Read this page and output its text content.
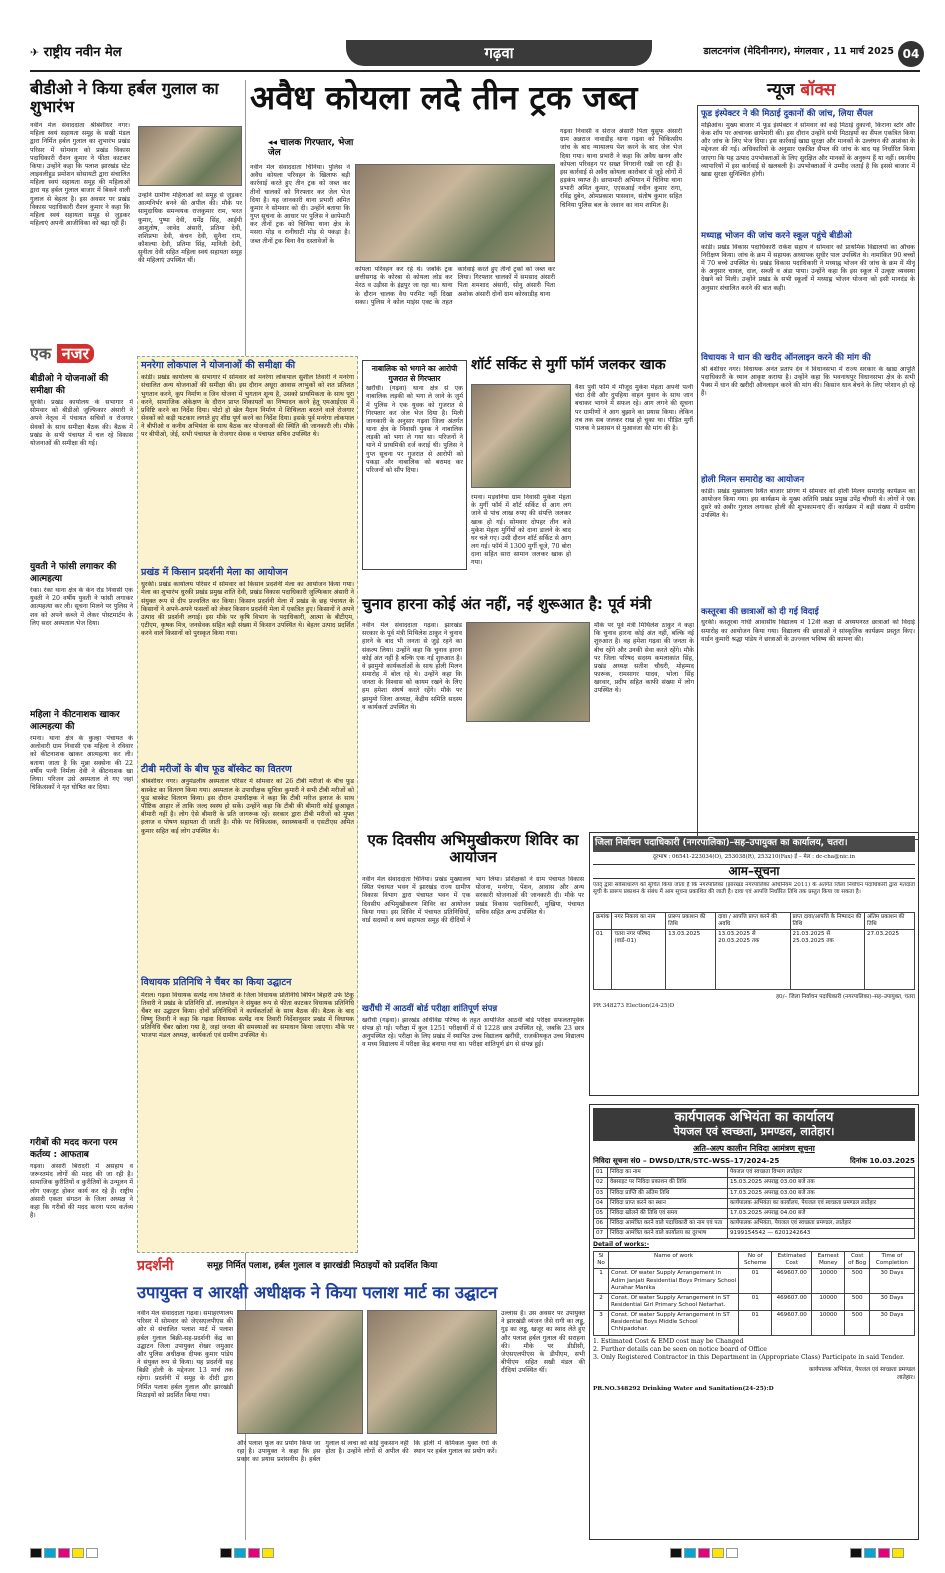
✈ राष्ट्रीय नवीन मेल	गढ़वा	डालटनगंज (मेदिनीनगर), मंगलवार , 11 मार्च 2025 04
बीडीओ ने किया हर्बल गुलाल का शुभारंभ
नवीन मेल संवाददाता श्रीबंशीधर नगर। महिला स्वयं सहायता समूह के सखी मंडल द्वारा निर्मित हर्बल गुलाल का शुभारंभ प्रखंड परिसर में सोमवार को प्रखंड विकास पदाधिकारी रौशन कुमार ने फीता काटकर किया। उन्होंने कहा कि पलाश झारखंड स्टेट लाइवलीहुड प्रमोशन सोसायटी द्वारा संचालित महिला स्वयं सहायता समूह की महिलाओं द्वारा यह हर्बल गुलाल बाजार में बिकने वाली गुलाल से बेहतर है। इस अवसर पर प्रखंड विकास पदाधिकारी रौशन कुमार ने कहा कि महिला स्वयं सहायता समूह से जुड़कर महिलाएं अपनी आजीविका को बढ़ा रही हैं।
उन्होंने ग्रामीण महिलाओं को समूह से जुड़कर आत्मनिर्भर बनने की अपील की। मौके पर सामुदायिक समन्वयक राजकुमार राम, भरत कुमार, पुष्पा देवी, धर्मेंद्र सिंह, आईपी आशुतोष, जावेद अंसारी, प्रतिमा देवी, शशिप्रभा देवी, कंचन देवी, सुनैना राम, कौशल्या देवी, प्रतिमा सिंह, मानिती देवी, सुनीता देवी सहित महिला स्वयं सहायता समूह की महिलाएं उपस्थित थीं।
अवैध कोयला लदे तीन ट्रक जब्त
◂◂ चालक गिरफ्तार, भेजा जेल
नवीन मेल संवाददाता चिनिया। पुलिस ने अवैध कोयला परिवहन के खिलाफ बड़ी कार्रवाई करते हुए तीन ट्रक को जब्त कर तीनों चालकों को गिरफ्तार कर जेल भेज दिया है। यह जानकारी थाना प्रभारी अमित कुमार ने सोमवार को दी। उन्होंने बताया कि गुप्त सूचना के आधार पर पुलिस ने छापेमारी कर तीनों ट्रक को चिनिया थाना क्षेत्र के मसरा मोड़ व रानीघाटी मोड़ से पकड़ा है। जब्त तीनों ट्रक बिना वैध दस्तावेजों के
कोयला परिवहन कर रहे थे। जबकि ट्रक छत्तीसगढ़ के कोरबा से कोयला लोड कर मेरठ व उड़ीसा के इंद्रपुर जा रहा था। थाना के दौरान चालक वैध परमिट नहीं दिखा सका। पुलिस ने कोल माइंस एक्ट के तहत कार्रवाई करते हुए तीनों ट्रकों को जब्त कर लिया। गिरफ्तार चालकों में समसाद अंसारी पिता शमशाद अंसारी, सोनू अंसारी पिता अशोक अंसारी दोनों ग्राम कोरवाडीह थाना
गढ़वा निवासी व सेराज अंसारी पिता युसुफ अंसारी ग्राम अन्नराज नावाडीह थाना गढ़वा को चिकित्सीय जांच के बाद न्यायालय पेश करने के बाद जेल भेज दिया गया। थाना प्रभारी ने कहा कि अवैध खनन और कोयला परिवहन पर सख्त निगरानी रखी जा रही है। इस कार्रवाई से अवैध कोयला कारोबार से जुड़े लोगों में हड़कंप व्याप्त है। छापामारी अभियान में चिनिया थाना प्रभारी अमित कुमार, एएसआई नवीन कुमार रागा, रविंद्र दुबेन, ओमप्रकाश पासवान, संतोष कुमार सहित चिनिया पुलिस बल के जवान का नाम शामिल है।
न्यूज बॉक्स
फूड इंस्पेक्टर ने की मिठाई दुकानों की जांच, लिया सैंपल
मझिआंव। मुख्य बाजार में फूड इंस्पेक्टर ने सोमवार को कई मिठाई दुकानों, किराना स्टोर और केक शॉप पर अचानक छापेमारी की। इस दौरान उन्होंने सभी मिठाइयों का सैंपल एकत्रित किया और जांच के लिए भेज दिया। इस कार्रवाई खाद्य सुरक्षा और मानकों के उल्लंघन की आशंका के मद्देनजर की गई। अधिकारियों के अनुसार एकत्रित सैंपल की जांच के बाद यह निर्धारित किया जाएगा कि यह उत्पाद उपभोक्ताओं के लिए सुरक्षित और मानकों के अनुरूप हैं या नहीं। स्थानीय व्यापारियों में इस कार्रवाई से खलबली है। उपभोक्ताओं ने उम्मीद जताई है कि इससे बाजार में खाद्य सुरक्षा सुनिश्चित होगी।
मध्याह्न भोजन की जांच करने स्कूल पहुंचे बीडीओ
कांडी। प्रखंड विकास पदाधिकारी राकेश सहाय ने सोमवार को प्राथमिक विद्यालयों का औचक निरीक्षण किया। जांच के क्रम में सहायक अध्यापक सुधीर पाल उपस्थित थे। नामांकित 90 बच्चों में 70 बच्चे उपस्थित थे। प्रखंड विकास पदाधिकारी ने मध्याह्न भोजन की जांच के क्रम में मीनू के अनुसार चावल, दाल, सब्जी व अंडा पाया। उन्होंने कहा कि इस स्कूल में उत्कृष्ट व्यवस्था देखने को मिली। उन्होंने प्रखंड के सभी स्कूलों में मध्याह्न भोजन योजना को इसी मानदंड के अनुसार संचालित करने की बात कही।
विधायक ने धान की खरीद ऑनलाइन करने की मांग की
श्री बंशीधर नगर। विधायक अनंत प्रताप देव ने विधानसभा में राज्य सरकार के खाद्य आपूर्ति पदाधिकारी के ध्यान आकृष्ट कराया है। उन्होंने कहा कि भवनाथपुर विधानसभा क्षेत्र के सभी पैक्स में धान की खरीदी ऑनलाइन करने की मांग की। किसान धान बेचने के लिए परेशान हो रहे हैं।
होली मिलन समारोह का आयोजन
कांडी। प्रखंड मुख्यालय स्थित बाजार प्रांगण में सोमवार को होली मिलन समारोह कार्यक्रम का आयोजन किया गया। इस कार्यक्रम के मुख्य अतिथि प्रखंड प्रमुख उपेंद्र चौधरी थे। लोगों ने एक दूसरे को अबीर गुलाल लगाकर होली की शुभकामनाएं दीं। कार्यक्रम में बड़ी संख्या में ग्रामीण उपस्थित थे।
कस्तूरबा की छात्राओं को दी गई विदाई
धुरकी। कस्तूरबा गांधी आवासीय विद्यालय में 12वीं कक्षा से अध्ययनरत छात्राओं को विदाई समारोह का आयोजन किया गया। विद्यालय की छात्राओं ने सांस्कृतिक कार्यक्रम प्रस्तुत किए। वार्डन कुमारी श्रद्धा पांडेय ने छात्राओं के उज्ज्वल भविष्य की कामना की।
एक नजर
बीडीओ ने योजनाओं की समीक्षा की
धुरकी। प्रखंड कार्यालय के सभागार में सोमवार को बीडीओ जुल्फिकार अंसारी ने अपने नेतृत्व में पंचायत सचिवों व रोजगार सेवकों के साथ समीक्षा बैठक की। बैठक में प्रखंड के सभी पंचायत में चल रहे विकास योजनाओं की समीक्षा की गई।
युवती ने फांसी लगाकर की आत्महत्या
रंका। रंका थाना क्षेत्र के केन रोड निवासी एक युवती ने 20 वर्षीय युवती ने फांसी लगाकर आत्महत्या कर ली। सूचना मिलने पर पुलिस ने शव को अपने कब्जे में लेकर पोस्टमार्टम के लिए सदर अस्पताल भेज दिया।
महिला ने कीटनाशक खाकर आत्महत्या की
रमना। थाना क्षेत्र के कुल्हा पंचायत के अलोवारी ग्राम निवासी एक महिला ने रविवार को कीटनाशक खाकर आत्महत्या कर ली। बताया जाता है कि मुन्ना सक्सेना की 22 वर्षीय पत्नी निर्मला देवी ने कीटनाशक खा लिया। परिजन उसे अस्पताल ले गए जहां चिकित्सकों ने मृत घोषित कर दिया।
गरीबों की मदद करना परम कर्तव्य : आफताब
गढ़वा। अंसारी बिरादरी में असहाय व जरूरतमंद लोगों की मदद की जा रही है। सामाजिक कुरीतियों व कुरीतियों के उन्मूलन में लोग एकजुट होकर कार्य कर रहे हैं। राष्ट्रीय अंसारी एकता संगठन के जिला अध्यक्ष ने कहा कि गरीबों की मदद करना परम कर्तव्य है।
मनरेगा लोकपाल ने योजनाओं की समीक्षा की
कांडी। प्रखंड कार्यालय के सभागार में सोमवार को मनरेगा लोकपाल सुशील तिवारी ने मनरेगा संचालित अन्य योजनाओं की समीक्षा की। इस दौरान अधूरा आवास लाभुकों को शत प्रतिशत भुगतान करने, कूप निर्माण व जिन योजना में भुगतान शून्य है, उसको प्राथमिकता के साथ पूरा करने, सामाजिक अंकेक्षण के दौरान प्राप्त शिकायतों का निष्पादन करने हेतु एमआईएस में प्रविष्टि करने का निर्देश दिया। पोटो हो खेल मैदान निर्माण में शिथिलता बरतने वाले रोजगार सेवकों को कड़ी फटकार लगाते हुए शीघ्र पूर्ण करने का निर्देश दिया। इसके पूर्व मनरेगा लोकपाल ने बीपीओ व कनीय अभियंता के साथ बैठक कर योजनाओं की स्थिति की जानकारी ली। मौके पर बीपीओ, जेई, सभी पंचायत के रोजगार सेवक व पंचायत सचिव उपस्थित थे।
प्रखंड में किसान प्रदर्शनी मेला का आयोजन
धुरकी। प्रखंड कार्यालय परिसर में सोमवार को किसान प्रदर्शनी मेला का आयोजन किया गया। मेला का शुभारंभ धुरकी प्रखंड प्रमुख शांति देवी, प्रखंड विकास पदाधिकारी जुल्फिकार अंसारी ने संयुक्त रूप से दीप प्रज्वलित कर किया। किसान प्रदर्शनी मेला में प्रखंड के छह पंचायत के किसानों ने अपने-अपने फसलों को लेकर किसान प्रदर्शनी मेला में एकत्रित हुए। किसानों ने अपने उत्पाद की प्रदर्शनी लगाई। इस मौके पर कृषि विभाग के पदाधिकारी, आत्मा के बीटीएम, एटीएम, कृषक मित्र, जनसेवक सहित बड़ी संख्या में किसान उपस्थित थे। बेहतर उत्पाद प्रदर्शित करने वाले किसानों को पुरस्कृत किया गया।
टीबी मरीजों के बीच फूड बॉस्केट का वितरण
श्रीबंशीधर नगर। अनुमंडलीय अस्पताल परिसर में सोमवार को 26 टीबी मरीजों के बीच फूड बास्केट का वितरण किया गया। अस्पताल के उपाधीक्षक सुचित्रा कुमारी ने सभी टीबी मरीजों को फूड बास्केट वितरण किया। इस दौरान उपाधीक्षक ने कहा कि टीबी मरीज इलाज के साथ पौष्टिक आहार लें ताकि जल्द स्वस्थ हो सकें। उन्होंने कहा कि टीबी की बीमारी कोई छुआछूत बीमारी नहीं है। लोग ऐसे बीमारी के प्रति जागरूक रहें। सरकार द्वारा टीबी मरीजों को मुफ्त इलाज व पोषण सहायता दी जाती है। मौके पर चिकित्सक, स्वास्थ्यकर्मी व एसटीएस अमित कुमार सहित कई लोग उपस्थित थे।
विधायक प्रतिनिधि ने चैंबर का किया उद्घाटन
मेराल। गढ़वा विधायक सत्येंद्र नाथ तिवारी के जिला विधायक प्रतिनिधि बिपिन बिहारी उर्फ टिंकू तिवारी ने प्रखंड के प्रतिनिधि डॉ. लालमोहन ने संयुक्त रूप से फीता काटकर विधायक प्रतिनिधि चैंबर का उद्घाटन किया। दोनों प्रतिनिधियों ने कार्यकर्ताओं के साथ बैठक की। बैठक के बाद विष्णु तिवारी ने कहा कि गढ़वा विधायक सत्येंद्र नाथ तिवारी निर्देशानुसार प्रखंड में विधायक प्रतिनिधि चैंबर खोला गया है, जहां जनता की समस्याओं का समाधान किया जाएगा। मौके पर भाजपा मंडल अध्यक्ष, कार्यकर्ता एवं ग्रामीण उपस्थित थे।
नाबालिक को भगाने का आरोपी गुजरात से गिरफ्तार
खरौंधी। (गढ़वा) थाना क्षेत्र से एक नाबालिक लड़की को भगा ले जाने के जुर्म में पुलिस ने एक युवक को गुजरात से गिरफ्तार कर जेल भेज दिया है। मिली जानकारी के अनुसार गढ़वा जिला अंतर्गत थाना क्षेत्र के निवासी युवक ने नाबालिक लड़की को भगा ले गया था। परिजनों ने थाने में प्राथमिकी दर्ज कराई थी। पुलिस ने गुप्त सूचना पर गुजरात से आरोपी को पकड़ा और नाबालिक को बरामद कर परिजनों को सौंप दिया।
शॉर्ट सर्किट से मुर्गी फॉर्म जलकर खाक
रमना। मड़वनिया ग्राम निवासी मुकेश मेहता के मुर्गी फॉर्म में शॉर्ट सर्किट से आग लग जाने से पांच लाख रुपए की संपत्ति जलकर खाक हो गई। सोमवार दोपहर तीन बजे मुकेश मेहता मुर्गियों को दाना डालने के बाद घर चले गए। उसी दौरान शॉर्ट सर्किट से आग लग गई। फॉर्म में 1300 मुर्गी चूजे, 70 बोरा दाना सहित सारा सामान जलकर खाक हो गया।
वैशा पुर्वी फॉर्म में मौजूद मुकेश मेहता अपनी पत्नी चंदा देवी और दुपहिया वाहन युवान के साथ जान बचाकर भागने में सफल रहे। आग लगने की सूचना पर ग्रामीणों ने आग बुझाने का प्रयास किया। लेकिन तब तक सब जलकर राख हो चुका था। पीड़ित मुर्गी पालक ने प्रशासन से मुआवजा की मांग की है।
चुनाव हारना कोई अंत नहीं, नई शुरूआत है: पूर्व मंत्री
नवीन मेल संवाददाता गढ़वा। झारखंड सरकार के पूर्व मंत्री मिथिलेश ठाकुर ने चुनाव हारने के बाद भी जनता से जुड़े रहने का संकल्प लिया। उन्होंने कहा कि चुनाव हारना कोई अंत नहीं है बल्कि एक नई शुरुआत है। वे झामुमो कार्यकर्ताओं के साथ होली मिलन समारोह में बोल रहे थे। उन्होंने कहा कि जनता के विश्वास को कायम रखने के लिए हम हमेशा संघर्ष करते रहेंगे। मौके पर झामुमो जिला अध्यक्ष, केंद्रीय समिति सदस्य व कार्यकर्ता उपस्थित थे।
मौके पर पूर्व मंत्री मिथिलेश ठाकुर ने कहा कि चुनाव हारना कोई अंत नहीं, बल्कि नई शुरुआत है। वह हमेशा गढ़वा की जनता के बीच रहेंगे और उनकी सेवा करते रहेंगे। मौके पर जिला परिषद सदस्य कमलाकांत सिंह, प्रखंड अध्यक्ष सतीश चौधरी, मोहम्मद फारूक, रामसागर यादव, भोला सिंह खरवार, प्रदीप सहित काफी संख्या में लोग उपस्थित थे।
एक दिवसीय अभिमुखीकरण शिविर का आयोजन
नवीन मेल संवाददाता चिनिया। प्रखंड मुख्यालय स्थित पंचायत भवन में झारखंड राज्य ग्रामीण विकास विभाग द्वारा पंचायत भवन में एक दिवसीय अभिमुखीकरण शिविर का आयोजन किया गया। इस शिविर में पंचायत प्रतिनिधियों, वार्ड सदस्यों व स्वयं सहायता समूह की दीदियों ने भाग लिया। प्रशिक्षकों ने ग्राम पंचायत विकास योजना, मनरेगा, पेंशन, आवास और अन्य सरकारी योजनाओं की जानकारी दी। मौके पर प्रखंड विकास पदाधिकारी, मुखिया, पंचायत सचिव सहित अन्य उपस्थित थे।
खरौंधी में आठवीं बोर्ड परीक्षा शांतिपूर्ण संपन्न
खरौंधी (गढ़वा)। झारखंड अधिविद्य परिषद के तहत आयोजित आठवीं बोर्ड परीक्षा सफलतापूर्वक संपन्न हो गई। परीक्षा में कुल 1251 परीक्षार्थी में से 1228 छात्र उपस्थित रहे, जबकि 23 छात्र अनुपस्थित रहे। परीक्षा के लिए प्रखंड में स्थापित उच्च विद्यालय खरौंधी, राजकीयकृत उच्च विद्यालय व मध्य विद्यालय में परीक्षा केंद्र बनाया गया था। परीक्षा शांतिपूर्ण ढंग से संपन्न हुई।
जिला निर्वाचन पदाधिकारी (नगरपालिका)–सह–उपायुक्त का कार्यालय, चतरा।
दूरभाष : 06541-223034(O), 253038(R), 253210(Fax) ई – मेल : dc-cha@nic.in
आम–सूचना
एतद् द्वारा सर्वसाधारण को सूचित किया जाता है कि नगरपालिका (झारखंड नगरपालिका अधिनियम 2011) के अंतर्गत जिला निर्वाचन पदाधिकारी द्वारा मतदाता सूची के प्रारूप प्रकाशन के संबंध में आम सूचना प्रकाशित की जाती है। दावा एवं आपत्ति निर्धारित तिथि तक प्रस्तुत किया जा सकता है।
क्रमांक	नगर निकाय का नाम	प्रारूप प्रकाशन की तिथि	दावा / आपत्ति प्राप्त करने की अवधि	प्राप्त दावा/आपत्ति के निष्पादन की तिथि	अंतिम प्रकाशन की तिथि
01	चतरा नगर परिषद (वार्ड–01)	13.03.2025	13.03.2025 से 20.03.2025 तक	21.03.2025 से 25.03.2025 तक	27.03.2025
ह0/– जिला निर्वाचन पदाधिकारी (नगरपालिका)–सह–उपायुक्त, चतरा
PR 348273 Election(24-25)D
कार्यपालक अभियंता का कार्यालय
पेयजल एवं स्वच्छता, प्रमण्डल, लातेहार।
अति–अल्प कालीन निविदा आमंत्रण सूचना
निविदा सूचना सं0 – DWSD/LTR/STC–WSS–17/2024-25	दिनांक 10.03.2025
01	निविदा का नाम	पेयजल एवं स्वच्छता विभाग लातेहार
02	वेबसाइट पर निविदा प्रकाशन की तिथि	15.03.2025 अपराह्न 03.00 बजे तक
03	निविदा प्राप्ति की अंतिम तिथि	17.03.2025 अपराह्न 03.00 बजे तक
04	निविदा प्राप्त करने का स्थान	कार्यपालक अभियंता का कार्यालय, पेयजल एवं स्वच्छता प्रमण्डल लातेहार
05	निविदा खोलने की तिथि एवं समय	17.03.2025 अपराह्न 04.00 बजे
06	निविदा आमंत्रित करने वाले पदाधिकारी का नाम एवं पता	कार्यपालक अभियंता, पेयजल एवं स्वच्छता प्रमण्डल, लातेहार
07	निविदा आमंत्रित करने वाले कार्यालय का दूरभाष	9199154542 — 6201242643
Detail of works:-
Sl No	Name of work	No of Scheme	Estimated Cost	Earnest Money	Cost of Bog	Time of Completion
1	Const. Of water Supply Arrangement in Adim Janjati Residential Boys Primary School Aurahar Manika	01	469607.00	10000	500	30 Days
2	Const. Of water Supply Arrangement in ST Residential Girl Primary School Netarhat.	01	469607.00	10000	500	30 Days
3	Const. Of water Supply Arrangement in ST Residential Boys Middle School Chhipadohar.	01	469607.00	10000	500	30 Days
1. Estimated Cost & EMD cost may be Changed
2. Further details can be seen on notice board of Office
3. Only Registered Contractor in this Department in (Appropriate Class) Participate in said Tender.
कार्यपालक अभियंता, पेयजल एवं स्वच्छता प्रमण्डल लातेहार।
PR.NO.348292 Drinking Water and Sanitation(24-25):D
प्रदर्शनी	समूह निर्मित पलाश, हर्बल गुलाल व झारखंडी मिठाइयों को प्रदर्शित किया
उपायुक्त व आरक्षी अधीक्षक ने किया पलाश मार्ट का उद्घाटन
नवीन मेल संवाददाता गढ़वा। समाहरणालय परिसर में सोमवार को जेएसएलपीएस की ओर से संचालित पलाश मार्ट में पलाश हर्बल गुलाल बिक्री-सह-प्रदर्शनी केंद्र का उद्घाटन जिला उपायुक्त शेखर जमुआर और पुलिस अधीक्षक दीपक कुमार पांडेय ने संयुक्त रूप से किया। यह प्रदर्शनी सह बिक्री होली के मद्देनजर 13 मार्च तक रहेगा। प्रदर्शनी में समूह के दीदी द्वारा निर्मित पलाश हर्बल गुलाल और झारखंडी मिठाइयों को प्रदर्शित किया गया।
और पलाश फूल का प्रयोग किया जा रहा है। उपायुक्त ने कहा कि इस प्रकार का प्रयास प्रशंसनीय है। हर्बल गुलाल से त्वचा को कोई नुकसान नहीं होता है। उन्होंने लोगों से अपील की कि होली में केमिकल युक्त रंगों के स्थान पर हर्बल गुलाल का प्रयोग करें।
उल्लास है। उस अवसर पर उपायुक्त ने झारखंडी व्यंजन जैसे रागी का लड्डू, गुड़ का लड्डू, खजूर का स्वाद लेते हुए और पलाश हर्बल गुलाल की सराहना की। मौके पर डीडीसी, जेएसएलपीएस के डीपीएम, सभी बीपीएम सहित सखी मंडल की दीदियां उपस्थित थीं।
